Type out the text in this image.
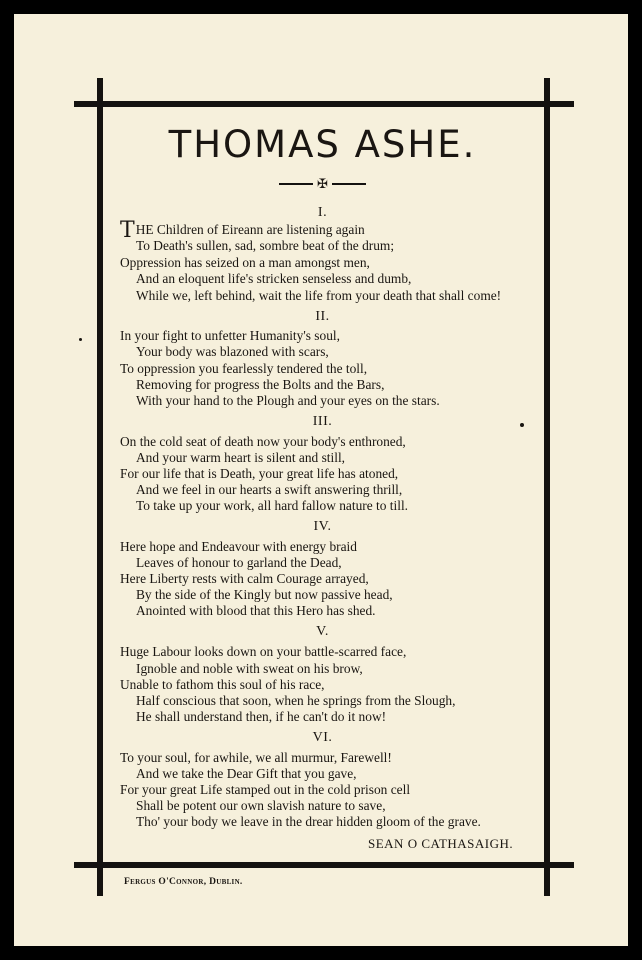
THOMAS ASHE.
✠
I.
THE Children of Eireann are listening again
To Death's sullen, sad, sombre beat of the drum;
Oppression has seized on a man amongst men,
And an eloquent life's stricken senseless and dumb,
While we, left behind, wait the life from your death that shall come!
II.
In your fight to unfetter Humanity's soul,
Your body was blazoned with scars,
To oppression you fearlessly tendered the toll,
Removing for progress the Bolts and the Bars,
With your hand to the Plough and your eyes on the stars.
III.
On the cold seat of death now your body's enthroned,
And your warm heart is silent and still,
For our life that is Death, your great life has atoned,
And we feel in our hearts a swift answering thrill,
To take up your work, all hard fallow nature to till.
IV.
Here hope and Endeavour with energy braid
Leaves of honour to garland the Dead,
Here Liberty rests with calm Courage arrayed,
By the side of the Kingly but now passive head,
Anointed with blood that this Hero has shed.
V.
Huge Labour looks down on your battle-scarred face,
Ignoble and noble with sweat on his brow,
Unable to fathom this soul of his race,
Half conscious that soon, when he springs from the Slough,
He shall understand then, if he can't do it now!
VI.
To your soul, for awhile, we all murmur, Farewell!
And we take the Dear Gift that you gave,
For your great Life stamped out in the cold prison cell
Shall be potent our own slavish nature to save,
Tho' your body we leave in the drear hidden gloom of the grave.
SEAN O CATHASAIGH.
Fergus O'Connor, Dublin.
